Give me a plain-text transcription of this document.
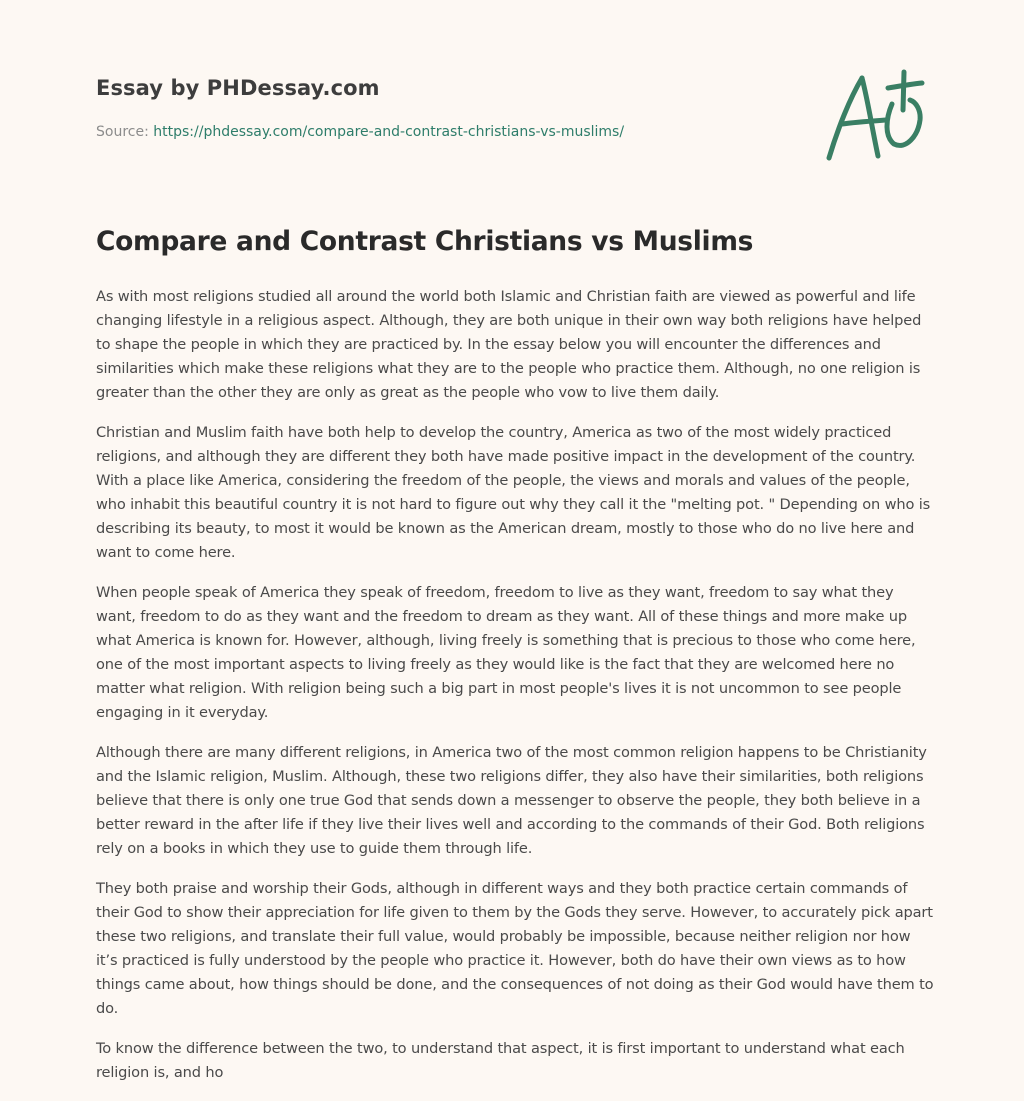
Essay by PHDessay.com
Source: https://phdessay.com/compare-and-contrast-christians-vs-muslims/
Compare and Contrast Christians vs Muslims

As with most religions studied all around the world both Islamic and Christian faith are viewed as powerful and life changing lifestyle in a religious aspect. Although, they are both unique in their own way both religions have helped to shape the people in which they are practiced by. In the essay below you will encounter the differences and similarities which make these religions what they are to the people who practice them. Although, no one religion is greater than the other they are only as great as the people who vow to live them daily.

Christian and Muslim faith have both help to develop the country, America as two of the most widely practiced religions, and although they are different they both have made positive impact in the development of the country. With a place like America, considering the freedom of the people, the views and morals and values of the people, who inhabit this beautiful country it is not hard to figure out why they call it the "melting pot. " Depending on who is describing its beauty, to most it would be known as the American dream, mostly to those who do no live here and want to come here.

When people speak of America they speak of freedom, freedom to live as they want, freedom to say what they want, freedom to do as they want and the freedom to dream as they want. All of these things and more make up what America is known for. However, although, living freely is something that is precious to those who come here, one of the most important aspects to living freely as they would like is the fact that they are welcomed here no matter what religion. With religion being such a big part in most people's lives it is not uncommon to see people engaging in it everyday.

Although there are many different religions, in America two of the most common religion happens to be Christianity and the Islamic religion, Muslim. Although, these two religions differ, they also have their similarities, both religions believe that there is only one true God that sends down a messenger to observe the people, they both believe in a better reward in the after life if they live their lives well and according to the commands of their God. Both religions rely on a books in which they use to guide them through life.

They both praise and worship their Gods, although in different ways and they both practice certain commands of their God to show their appreciation for life given to them by the Gods they serve. However, to accurately pick apart these two religions, and translate their full value, would probably be impossible, because neither religion nor how it’s practiced is fully understood by the people who practice it. However, both do have their own views as to how things came about, how things should be done, and the consequences of not doing as their God would have them to do.

To know the difference between the two, to understand that aspect, it is first important to understand what each religion is, and ho
